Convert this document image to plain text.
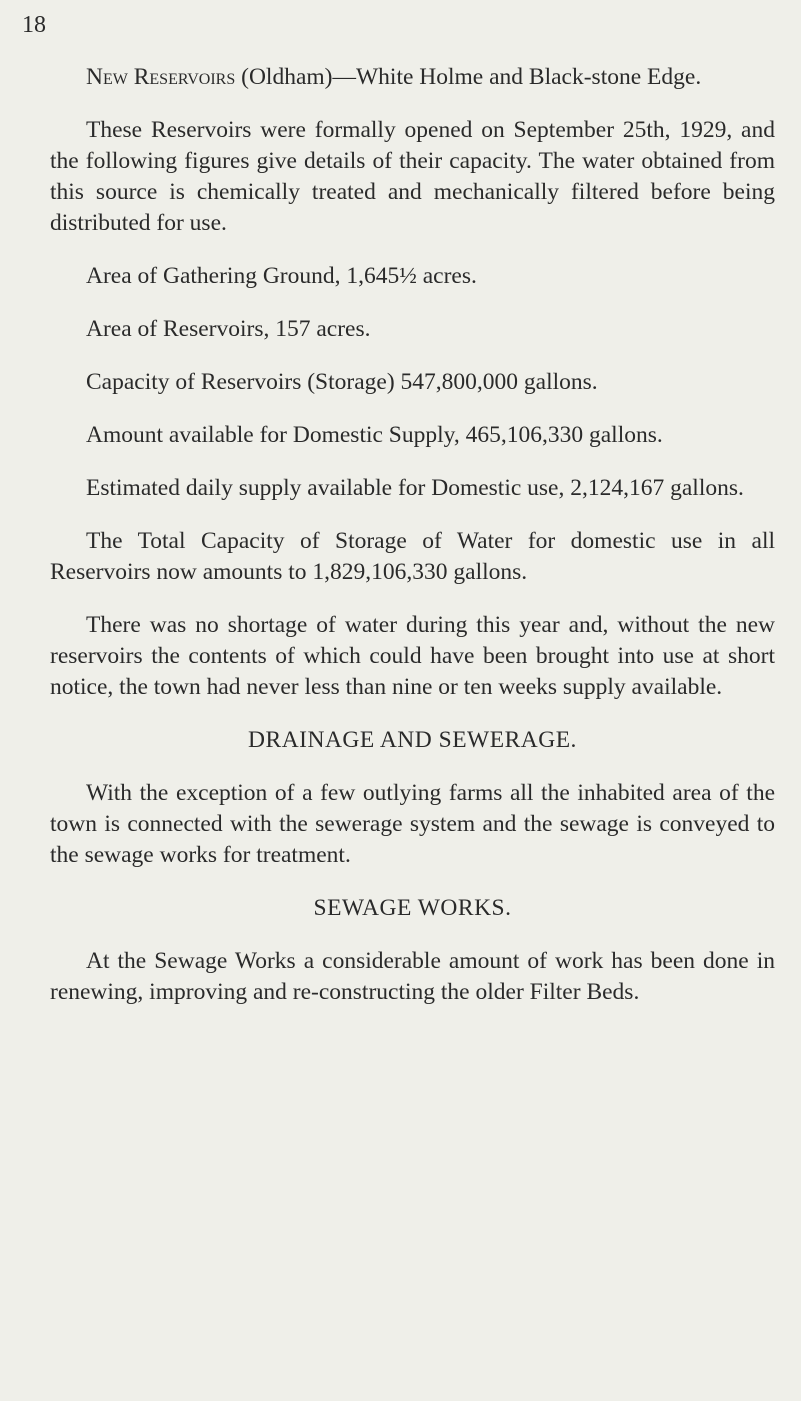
18

New Reservoirs (Oldham)—White Holme and Black-stone Edge.

These Reservoirs were formally opened on September 25th, 1929, and the following figures give details of their capacity. The water obtained from this source is chemically treated and mechanically filtered before being distributed for use.

Area of Gathering Ground, 1,645½ acres.

Area of Reservoirs, 157 acres.

Capacity of Reservoirs (Storage) 547,800,000 gallons.

Amount available for Domestic Supply, 465,106,330 gallons.

Estimated daily supply available for Domestic use, 2,124,167 gallons.

The Total Capacity of Storage of Water for domestic use in all Reservoirs now amounts to 1,829,106,330 gallons.

There was no shortage of water during this year and, without the new reservoirs the contents of which could have been brought into use at short notice, the town had never less than nine or ten weeks supply available.

DRAINAGE AND SEWERAGE.

With the exception of a few outlying farms all the inhabited area of the town is connected with the sewerage system and the sewage is conveyed to the sewage works for treatment.

SEWAGE WORKS.

At the Sewage Works a considerable amount of work has been done in renewing, improving and re-constructing the older Filter Beds.
